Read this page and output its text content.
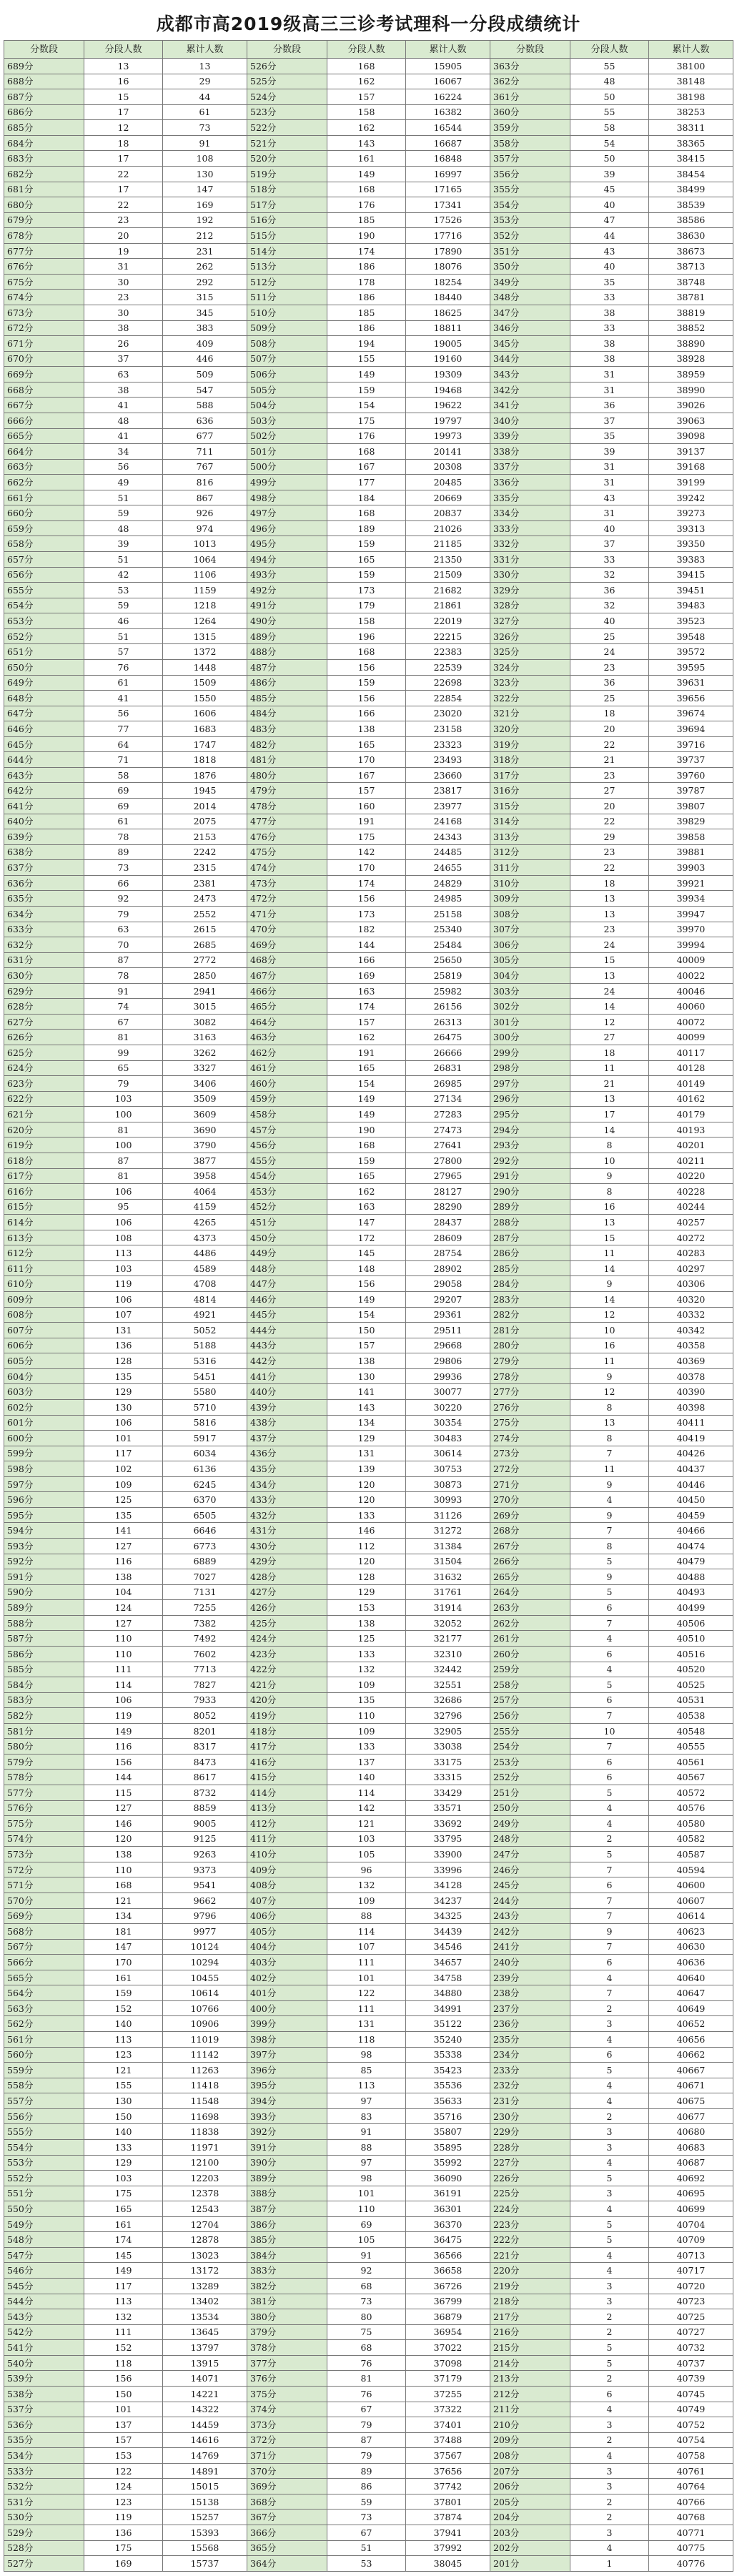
成都市高2019级高三三诊考试理科一分段成绩统计
分数段	分段人数	累计人数	分数段	分段人数	累计人数	分数段	分段人数	累计人数
689分	13	13	526分	168	15905	363分	55	38100
688分	16	29	525分	162	16067	362分	48	38148
687分	15	44	524分	157	16224	361分	50	38198
686分	17	61	523分	158	16382	360分	55	38253
685分	12	73	522分	162	16544	359分	58	38311
684分	18	91	521分	143	16687	358分	54	38365
683分	17	108	520分	161	16848	357分	50	38415
682分	22	130	519分	149	16997	356分	39	38454
681分	17	147	518分	168	17165	355分	45	38499
680分	22	169	517分	176	17341	354分	40	38539
679分	23	192	516分	185	17526	353分	47	38586
678分	20	212	515分	190	17716	352分	44	38630
677分	19	231	514分	174	17890	351分	43	38673
676分	31	262	513分	186	18076	350分	40	38713
675分	30	292	512分	178	18254	349分	35	38748
674分	23	315	511分	186	18440	348分	33	38781
673分	30	345	510分	185	18625	347分	38	38819
672分	38	383	509分	186	18811	346分	33	38852
671分	26	409	508分	194	19005	345分	38	38890
670分	37	446	507分	155	19160	344分	38	38928
669分	63	509	506分	149	19309	343分	31	38959
668分	38	547	505分	159	19468	342分	31	38990
667分	41	588	504分	154	19622	341分	36	39026
666分	48	636	503分	175	19797	340分	37	39063
665分	41	677	502分	176	19973	339分	35	39098
664分	34	711	501分	168	20141	338分	39	39137
663分	56	767	500分	167	20308	337分	31	39168
662分	49	816	499分	177	20485	336分	31	39199
661分	51	867	498分	184	20669	335分	43	39242
660分	59	926	497分	168	20837	334分	31	39273
659分	48	974	496分	189	21026	333分	40	39313
658分	39	1013	495分	159	21185	332分	37	39350
657分	51	1064	494分	165	21350	331分	33	39383
656分	42	1106	493分	159	21509	330分	32	39415
655分	53	1159	492分	173	21682	329分	36	39451
654分	59	1218	491分	179	21861	328分	32	39483
653分	46	1264	490分	158	22019	327分	40	39523
652分	51	1315	489分	196	22215	326分	25	39548
651分	57	1372	488分	168	22383	325分	24	39572
650分	76	1448	487分	156	22539	324分	23	39595
649分	61	1509	486分	159	22698	323分	36	39631
648分	41	1550	485分	156	22854	322分	25	39656
647分	56	1606	484分	166	23020	321分	18	39674
646分	77	1683	483分	138	23158	320分	20	39694
645分	64	1747	482分	165	23323	319分	22	39716
644分	71	1818	481分	170	23493	318分	21	39737
643分	58	1876	480分	167	23660	317分	23	39760
642分	69	1945	479分	157	23817	316分	27	39787
641分	69	2014	478分	160	23977	315分	20	39807
640分	61	2075	477分	191	24168	314分	22	39829
639分	78	2153	476分	175	24343	313分	29	39858
638分	89	2242	475分	142	24485	312分	23	39881
637分	73	2315	474分	170	24655	311分	22	39903
636分	66	2381	473分	174	24829	310分	18	39921
635分	92	2473	472分	156	24985	309分	13	39934
634分	79	2552	471分	173	25158	308分	13	39947
633分	63	2615	470分	182	25340	307分	23	39970
632分	70	2685	469分	144	25484	306分	24	39994
631分	87	2772	468分	166	25650	305分	15	40009
630分	78	2850	467分	169	25819	304分	13	40022
629分	91	2941	466分	163	25982	303分	24	40046
628分	74	3015	465分	174	26156	302分	14	40060
627分	67	3082	464分	157	26313	301分	12	40072
626分	81	3163	463分	162	26475	300分	27	40099
625分	99	3262	462分	191	26666	299分	18	40117
624分	65	3327	461分	165	26831	298分	11	40128
623分	79	3406	460分	154	26985	297分	21	40149
622分	103	3509	459分	149	27134	296分	13	40162
621分	100	3609	458分	149	27283	295分	17	40179
620分	81	3690	457分	190	27473	294分	14	40193
619分	100	3790	456分	168	27641	293分	8	40201
618分	87	3877	455分	159	27800	292分	10	40211
617分	81	3958	454分	165	27965	291分	9	40220
616分	106	4064	453分	162	28127	290分	8	40228
615分	95	4159	452分	163	28290	289分	16	40244
614分	106	4265	451分	147	28437	288分	13	40257
613分	108	4373	450分	172	28609	287分	15	40272
612分	113	4486	449分	145	28754	286分	11	40283
611分	103	4589	448分	148	28902	285分	14	40297
610分	119	4708	447分	156	29058	284分	9	40306
609分	106	4814	446分	149	29207	283分	14	40320
608分	107	4921	445分	154	29361	282分	12	40332
607分	131	5052	444分	150	29511	281分	10	40342
606分	136	5188	443分	157	29668	280分	16	40358
605分	128	5316	442分	138	29806	279分	11	40369
604分	135	5451	441分	130	29936	278分	9	40378
603分	129	5580	440分	141	30077	277分	12	40390
602分	130	5710	439分	143	30220	276分	8	40398
601分	106	5816	438分	134	30354	275分	13	40411
600分	101	5917	437分	129	30483	274分	8	40419
599分	117	6034	436分	131	30614	273分	7	40426
598分	102	6136	435分	139	30753	272分	11	40437
597分	109	6245	434分	120	30873	271分	9	40446
596分	125	6370	433分	120	30993	270分	4	40450
595分	135	6505	432分	133	31126	269分	9	40459
594分	141	6646	431分	146	31272	268分	7	40466
593分	127	6773	430分	112	31384	267分	8	40474
592分	116	6889	429分	120	31504	266分	5	40479
591分	138	7027	428分	128	31632	265分	9	40488
590分	104	7131	427分	129	31761	264分	5	40493
589分	124	7255	426分	153	31914	263分	6	40499
588分	127	7382	425分	138	32052	262分	7	40506
587分	110	7492	424分	125	32177	261分	4	40510
586分	110	7602	423分	133	32310	260分	6	40516
585分	111	7713	422分	132	32442	259分	4	40520
584分	114	7827	421分	109	32551	258分	5	40525
583分	106	7933	420分	135	32686	257分	6	40531
582分	119	8052	419分	110	32796	256分	7	40538
581分	149	8201	418分	109	32905	255分	10	40548
580分	116	8317	417分	133	33038	254分	7	40555
579分	156	8473	416分	137	33175	253分	6	40561
578分	144	8617	415分	140	33315	252分	6	40567
577分	115	8732	414分	114	33429	251分	5	40572
576分	127	8859	413分	142	33571	250分	4	40576
575分	146	9005	412分	121	33692	249分	4	40580
574分	120	9125	411分	103	33795	248分	2	40582
573分	138	9263	410分	105	33900	247分	5	40587
572分	110	9373	409分	96	33996	246分	7	40594
571分	168	9541	408分	132	34128	245分	6	40600
570分	121	9662	407分	109	34237	244分	7	40607
569分	134	9796	406分	88	34325	243分	7	40614
568分	181	9977	405分	114	34439	242分	9	40623
567分	147	10124	404分	107	34546	241分	7	40630
566分	170	10294	403分	111	34657	240分	6	40636
565分	161	10455	402分	101	34758	239分	4	40640
564分	159	10614	401分	122	34880	238分	7	40647
563分	152	10766	400分	111	34991	237分	2	40649
562分	140	10906	399分	131	35122	236分	3	40652
561分	113	11019	398分	118	35240	235分	4	40656
560分	123	11142	397分	98	35338	234分	6	40662
559分	121	11263	396分	85	35423	233分	5	40667
558分	155	11418	395分	113	35536	232分	4	40671
557分	130	11548	394分	97	35633	231分	4	40675
556分	150	11698	393分	83	35716	230分	2	40677
555分	140	11838	392分	91	35807	229分	3	40680
554分	133	11971	391分	88	35895	228分	3	40683
553分	129	12100	390分	97	35992	227分	4	40687
552分	103	12203	389分	98	36090	226分	5	40692
551分	175	12378	388分	101	36191	225分	3	40695
550分	165	12543	387分	110	36301	224分	4	40699
549分	161	12704	386分	69	36370	223分	5	40704
548分	174	12878	385分	105	36475	222分	5	40709
547分	145	13023	384分	91	36566	221分	4	40713
546分	149	13172	383分	92	36658	220分	4	40717
545分	117	13289	382分	68	36726	219分	3	40720
544分	113	13402	381分	73	36799	218分	3	40723
543分	132	13534	380分	80	36879	217分	2	40725
542分	111	13645	379分	75	36954	216分	2	40727
541分	152	13797	378分	68	37022	215分	5	40732
540分	118	13915	377分	76	37098	214分	5	40737
539分	156	14071	376分	81	37179	213分	2	40739
538分	150	14221	375分	76	37255	212分	6	40745
537分	101	14322	374分	67	37322	211分	4	40749
536分	137	14459	373分	79	37401	210分	3	40752
535分	157	14616	372分	87	37488	209分	2	40754
534分	153	14769	371分	79	37567	208分	4	40758
533分	122	14891	370分	89	37656	207分	3	40761
532分	124	15015	369分	86	37742	206分	3	40764
531分	123	15138	368分	59	37801	205分	2	40766
530分	119	15257	367分	73	37874	204分	2	40768
529分	136	15393	366分	67	37941	203分	3	40771
528分	175	15568	365分	51	37992	202分	4	40775
527分	169	15737	364分	53	38045	201分	1	40776
